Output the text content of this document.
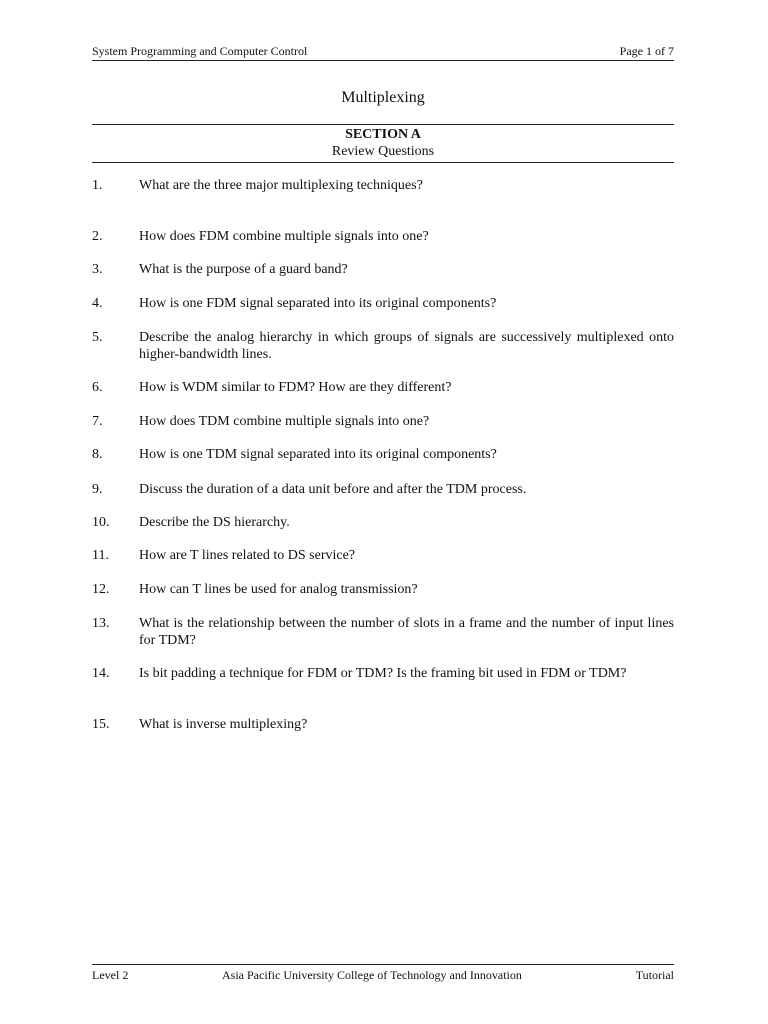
System Programming and Computer Control	Page 1 of 7
Multiplexing
SECTION A
Review Questions
1.	What are the three major multiplexing techniques?
2.	How does FDM combine multiple signals into one?
3.	What is the purpose of a guard band?
4.	How is one FDM signal separated into its original components?
5.	Describe the analog hierarchy in which groups of signals are successively multiplexed onto higher-bandwidth lines.
6.	How is WDM similar to FDM? How are they different?
7.	How does TDM combine multiple signals into one?
8.	How is one TDM signal separated into its original components?
9.	Discuss the duration of a data unit before and after the TDM process.
10. Describe the DS hierarchy.
11. How are T lines related to DS service?
12. How can T lines be used for analog transmission?
13. What is the relationship between the number of slots in a frame and the number of input lines for TDM?
14. Is bit padding a technique for FDM or TDM? Is the framing bit used in FDM or TDM?
15. What is inverse multiplexing?
Level 2	Asia Pacific University College of Technology and Innovation	Tutorial
